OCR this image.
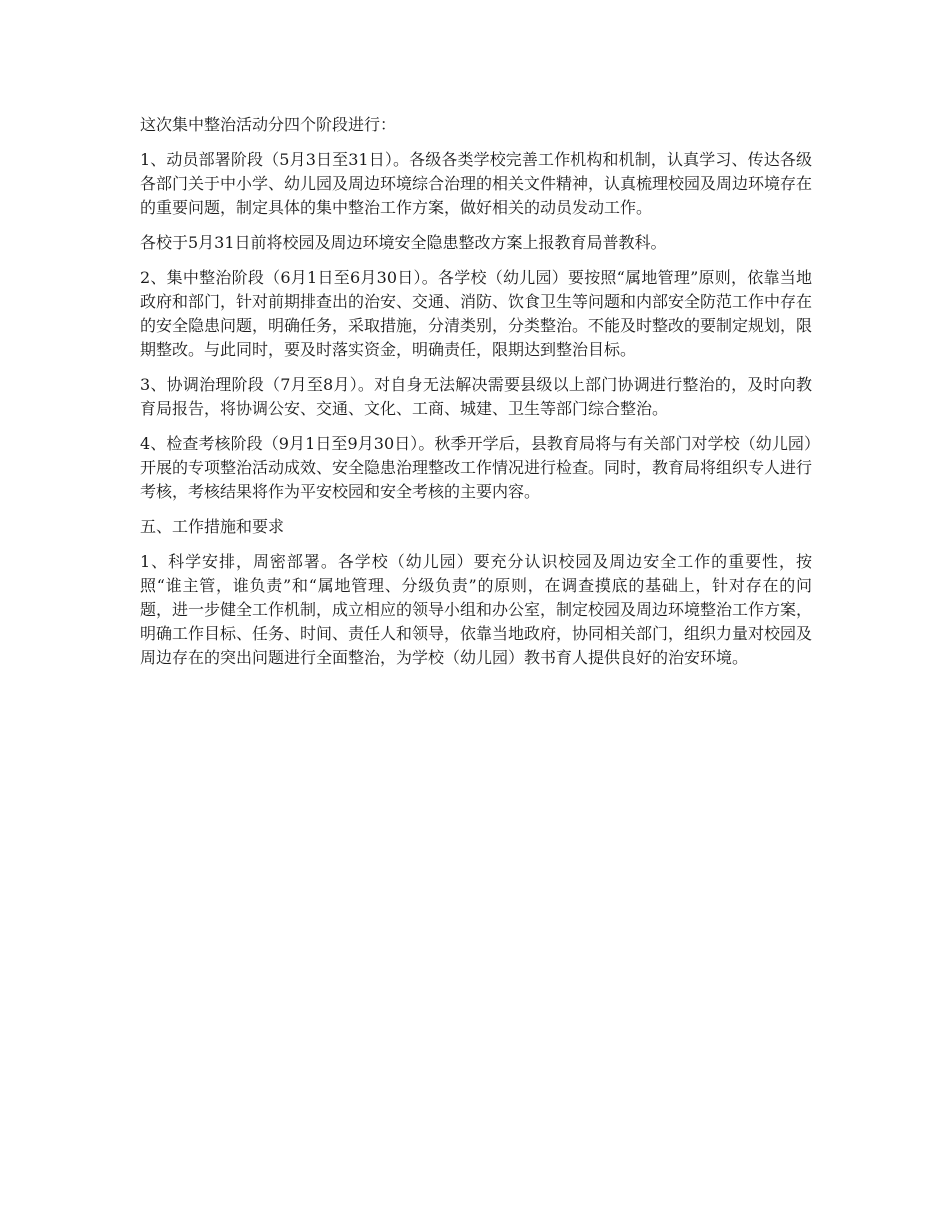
这次集中整治活动分四个阶段进行：

1、动员部署阶段（5月3日至31日）。各级各类学校完善工作机构和机制，认真学习、传达各级各部门关于中小学、幼儿园及周边环境综合治理的相关文件精神，认真梳理校园及周边环境存在的重要问题，制定具体的集中整治工作方案，做好相关的动员发动工作。

各校于5月31日前将校园及周边环境安全隐患整改方案上报教育局普教科。

2、集中整治阶段（6月1日至6月30日）。各学校（幼儿园）要按照“属地管理”原则，依靠当地政府和部门，针对前期排查出的治安、交通、消防、饮食卫生等问题和内部安全防范工作中存在的安全隐患问题，明确任务，采取措施，分清类别，分类整治。不能及时整改的要制定规划，限期整改。与此同时，要及时落实资金，明确责任，限期达到整治目标。

3、协调治理阶段（7月至8月）。对自身无法解决需要县级以上部门协调进行整治的，及时向教育局报告，将协调公安、交通、文化、工商、城建、卫生等部门综合整治。

4、检查考核阶段（9月1日至9月30日）。秋季开学后，县教育局将与有关部门对学校（幼儿园）开展的专项整治活动成效、安全隐患治理整改工作情况进行检查。同时，教育局将组织专人进行考核，考核结果将作为平安校园和安全考核的主要内容。

五、工作措施和要求

1、科学安排，周密部署。各学校（幼儿园）要充分认识校园及周边安全工作的重要性，按照“谁主管，谁负责”和“属地管理、分级负责”的原则，在调查摸底的基础上，针对存在的问题，进一步健全工作机制，成立相应的领导小组和办公室，制定校园及周边环境整治工作方案，明确工作目标、任务、时间、责任人和领导，依靠当地政府，协同相关部门，组织力量对校园及周边存在的突出问题进行全面整治，为学校（幼儿园）教书育人提供良好的治安环境。
